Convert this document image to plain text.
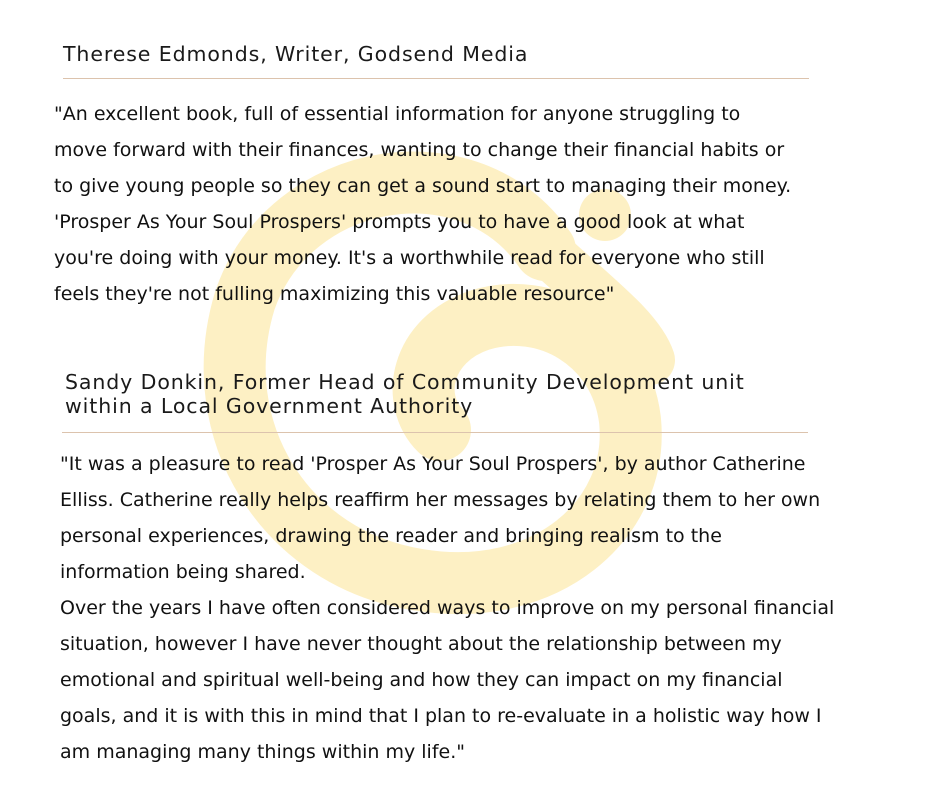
Therese Edmonds, Writer, Godsend Media
"An excellent book, full of essential information for anyone struggling to
move forward with their finances, wanting to change their financial habits or
to give young people so they can get a sound start to managing their money.
'Prosper As Your Soul Prospers' prompts you to have a good look at what
you're doing with your money. It's a worthwhile read for everyone who still
feels they're not fulling maximizing this valuable resource"
Sandy Donkin, Former Head of Community Development unit
within a Local Government Authority
"It was a pleasure to read 'Prosper As Your Soul Prospers', by author Catherine
Elliss. Catherine really helps reaffirm her messages by relating them to her own
personal experiences, drawing the reader and bringing realism to the
information being shared.
Over the years I have often considered ways to improve on my personal financial
situation, however I have never thought about the relationship between my
emotional and spiritual well-being and how they can impact on my financial
goals, and it is with this in mind that I plan to re-evaluate in a holistic way how I
am managing many things within my life."
